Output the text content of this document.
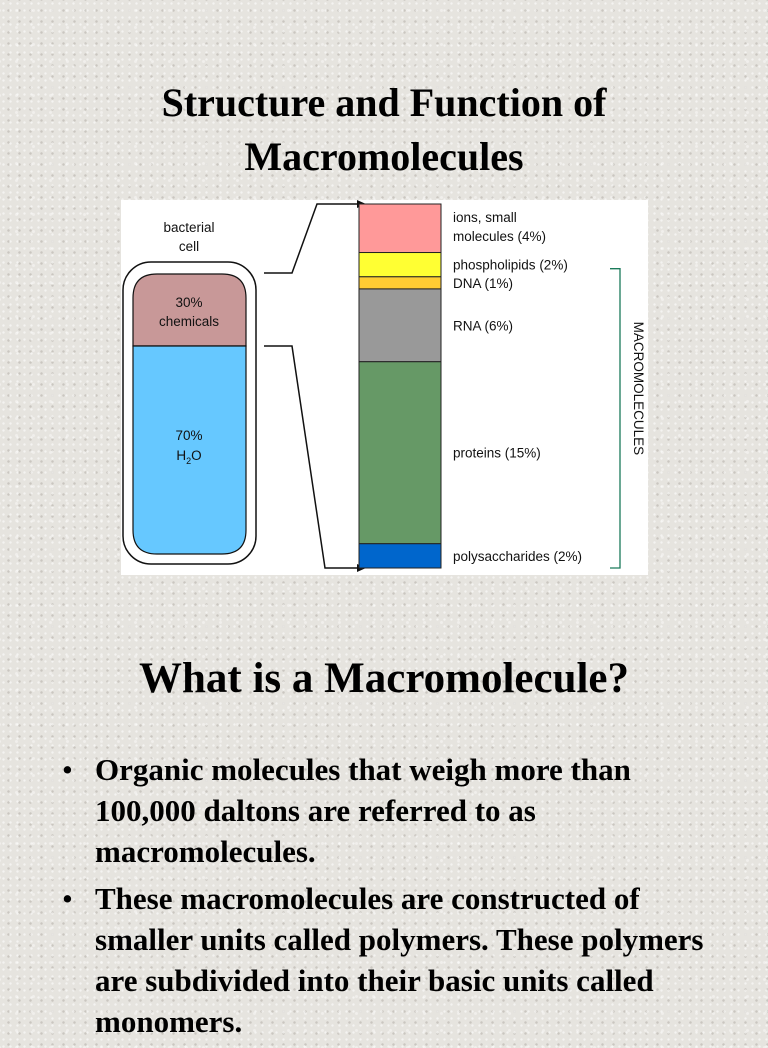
Structure and Function of
Macromolecules
bacterial
cell
30%
chemicals
70%
$H_2O$
ions, small
molecules (4%)
phospholipids (2%)
DNA (1%)
RNA (6%)
proteins (15%)
polysaccharides (2%)
MACROMOLECULES
What is a Macromolecule?
• Organic molecules that weigh more than 100,000 daltons are referred to as macromolecules.
• These macromolecules are constructed of smaller units called polymers. These polymers are subdivided into their basic units called monomers.
